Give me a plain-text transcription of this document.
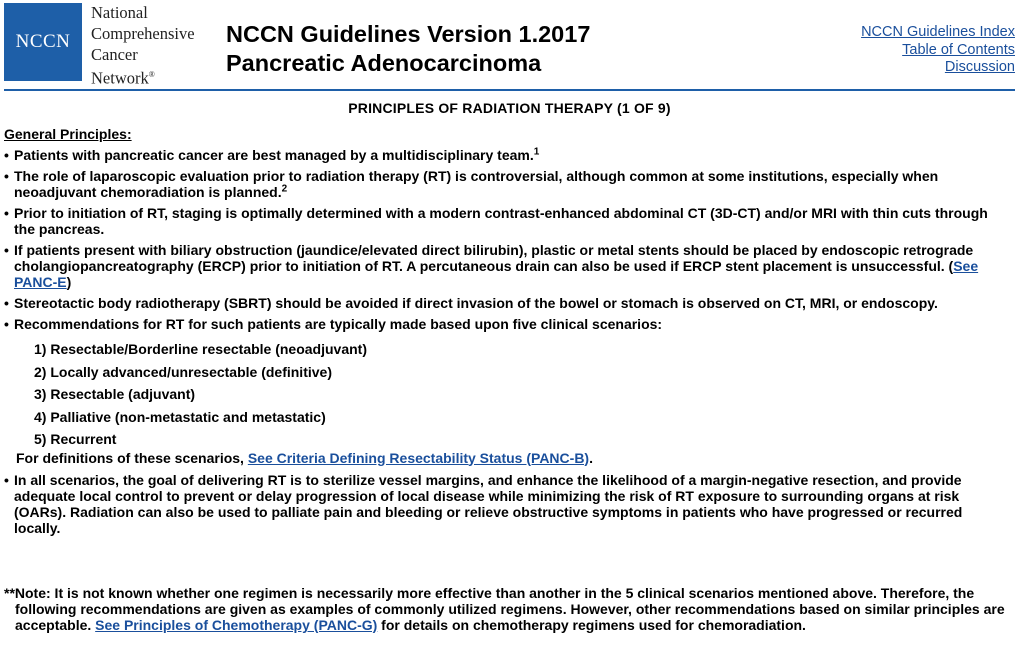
NCCN
National
Comprehensive
Cancer
Network®
NCCN Guidelines Version 1.2017
Pancreatic Adenocarcinoma
NCCN Guidelines Index
Table of Contents
Discussion
PRINCIPLES OF RADIATION THERAPY (1 OF 9)
General Principles:
• Patients with pancreatic cancer are best managed by a multidisciplinary team.$^1$
• The role of laparoscopic evaluation prior to radiation therapy (RT) is controversial, although common at some institutions, especially when neoadjuvant chemoradiation is planned.$^2$
• Prior to initiation of RT, staging is optimally determined with a modern contrast-enhanced abdominal CT (3D-CT) and/or MRI with thin cuts through the pancreas.
• If patients present with biliary obstruction (jaundice/elevated direct bilirubin), plastic or metal stents should be placed by endoscopic retrograde cholangiopancreatography (ERCP) prior to initiation of RT. A percutaneous drain can also be used if ERCP stent placement is unsuccessful. (See PANC-E)
• Stereotactic body radiotherapy (SBRT) should be avoided if direct invasion of the bowel or stomach is observed on CT, MRI, or endoscopy.
• Recommendations for RT for such patients are typically made based upon five clinical scenarios:
1) Resectable/Borderline resectable (neoadjuvant)
2) Locally advanced/unresectable (definitive)
3) Resectable (adjuvant)
4) Palliative (non-metastatic and metastatic)
5) Recurrent
For definitions of these scenarios, See Criteria Defining Resectability Status (PANC-B).
• In all scenarios, the goal of delivering RT is to sterilize vessel margins, and enhance the likelihood of a margin-negative resection, and provide adequate local control to prevent or delay progression of local disease while minimizing the risk of RT exposure to surrounding organs at risk (OARs). Radiation can also be used to palliate pain and bleeding or relieve obstructive symptoms in patients who have progressed or recurred locally.
**Note: It is not known whether one regimen is necessarily more effective than another in the 5 clinical scenarios mentioned above. Therefore, the following recommendations are given as examples of commonly utilized regimens. However, other recommendations based on similar principles are acceptable. See Principles of Chemotherapy (PANC-G) for details on chemotherapy regimens used for chemoradiation.
